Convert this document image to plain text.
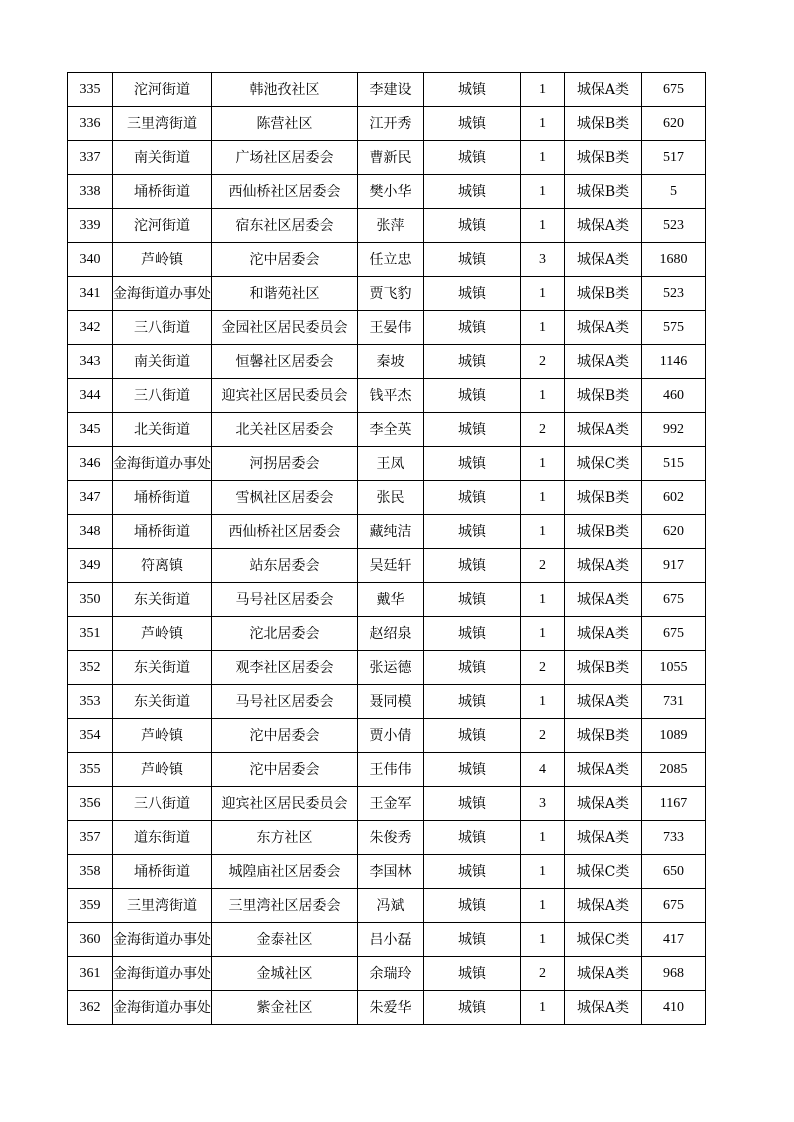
335	沱河街道	韩池孜社区	李建设	城镇	1	城保A类	675
336	三里湾街道	陈营社区	江开秀	城镇	1	城保B类	620
337	南关街道	广场社区居委会	曹新民	城镇	1	城保B类	517
338	埇桥街道	西仙桥社区居委会	樊小华	城镇	1	城保B类	5
339	沱河街道	宿东社区居委会	张萍	城镇	1	城保A类	523
340	芦岭镇	沱中居委会	任立忠	城镇	3	城保A类	1680
341	金海街道办事处	和谐苑社区	贾飞豹	城镇	1	城保B类	523
342	三八街道	金园社区居民委员会	王晏伟	城镇	1	城保A类	575
343	南关街道	恒馨社区居委会	秦坡	城镇	2	城保A类	1146
344	三八街道	迎宾社区居民委员会	钱平杰	城镇	1	城保B类	460
345	北关街道	北关社区居委会	李全英	城镇	2	城保A类	992
346	金海街道办事处	河拐居委会	王凤	城镇	1	城保C类	515
347	埇桥街道	雪枫社区居委会	张民	城镇	1	城保B类	602
348	埇桥街道	西仙桥社区居委会	藏纯洁	城镇	1	城保B类	620
349	符离镇	站东居委会	吴廷轩	城镇	2	城保A类	917
350	东关街道	马号社区居委会	戴华	城镇	1	城保A类	675
351	芦岭镇	沱北居委会	赵绍泉	城镇	1	城保A类	675
352	东关街道	观李社区居委会	张运德	城镇	2	城保B类	1055
353	东关街道	马号社区居委会	聂同模	城镇	1	城保A类	731
354	芦岭镇	沱中居委会	贾小倩	城镇	2	城保B类	1089
355	芦岭镇	沱中居委会	王伟伟	城镇	4	城保A类	2085
356	三八街道	迎宾社区居民委员会	王金军	城镇	3	城保A类	1167
357	道东街道	东方社区	朱俊秀	城镇	1	城保A类	733
358	埇桥街道	城隍庙社区居委会	李国林	城镇	1	城保C类	650
359	三里湾街道	三里湾社区居委会	冯斌	城镇	1	城保A类	675
360	金海街道办事处	金泰社区	吕小磊	城镇	1	城保C类	417
361	金海街道办事处	金城社区	余瑞玲	城镇	2	城保A类	968
362	金海街道办事处	紫金社区	朱爱华	城镇	1	城保A类	410
